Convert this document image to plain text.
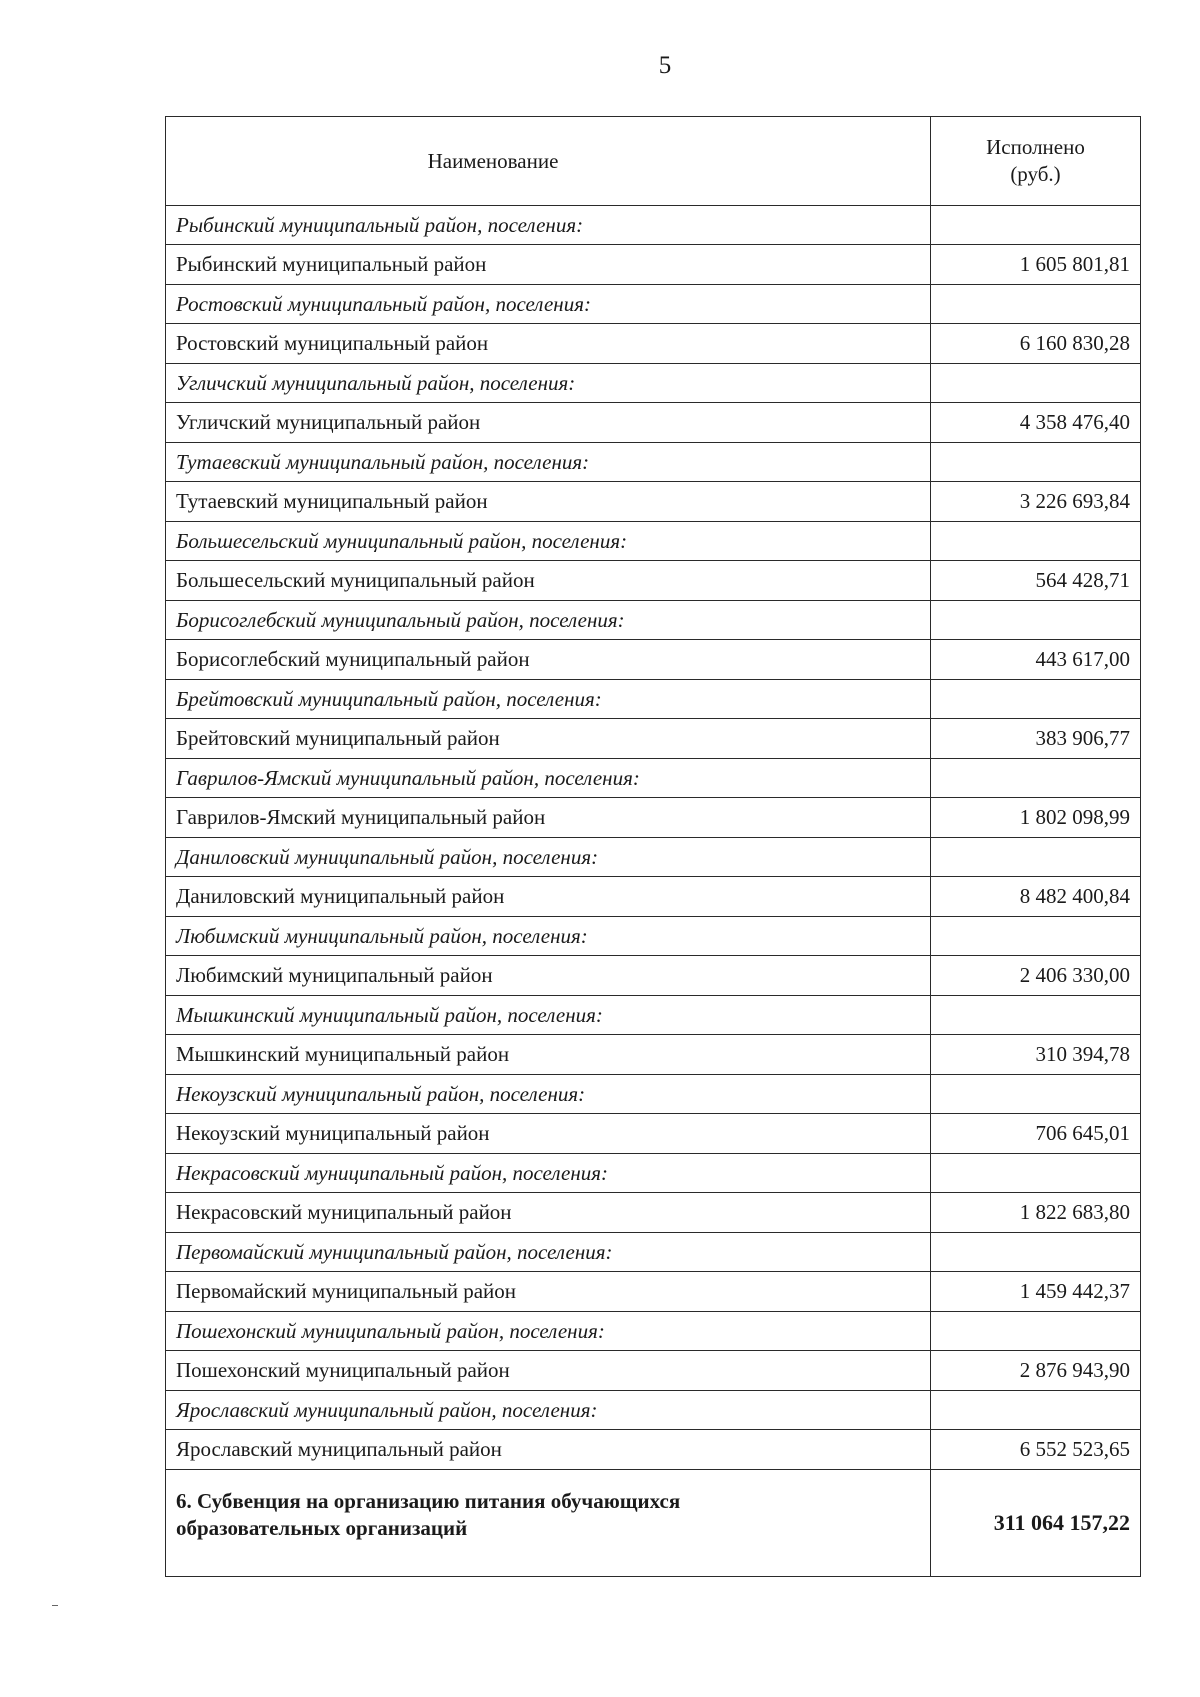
5
Наименование	Исполнено
(руб.)

Рыбинский муниципальный район, поселения:	
Рыбинский муниципальный район	1 605 801,81
Ростовский муниципальный район, поселения:	
Ростовский муниципальный район	6 160 830,28
Угличский муниципальный район, поселения:	
Угличский муниципальный район	4 358 476,40
Тутаевский муниципальный район, поселения:	
Тутаевский муниципальный район	3 226 693,84
Большесельский муниципальный район, поселения:	
Большесельский муниципальный район	564 428,71
Борисоглебский муниципальный район, поселения:	
Борисоглебский муниципальный район	443 617,00
Брейтовский муниципальный район, поселения:	
Брейтовский муниципальный район	383 906,77
Гаврилов-Ямский муниципальный район, поселения:	
Гаврилов-Ямский муниципальный район	1 802 098,99
Даниловский муниципальный район, поселения:	
Даниловский муниципальный район	8 482 400,84
Любимский муниципальный район, поселения:	
Любимский муниципальный район	2 406 330,00
Мышкинский муниципальный район, поселения:	
Мышкинский муниципальный район	310 394,78
Некоузский муниципальный район, поселения:	
Некоузский муниципальный район	706 645,01
Некрасовский муниципальный район, поселения:	
Некрасовский муниципальный район	1 822 683,80
Первомайский муниципальный район, поселения:	
Первомайский муниципальный район	1 459 442,37
Пошехонский муниципальный район, поселения:	
Пошехонский муниципальный район	2 876 943,90
Ярославский муниципальный район, поселения:	
Ярославский муниципальный район	6 552 523,65

6. Субвенция на организацию питания обучающихся
образовательных организаций	311 064 157,22
